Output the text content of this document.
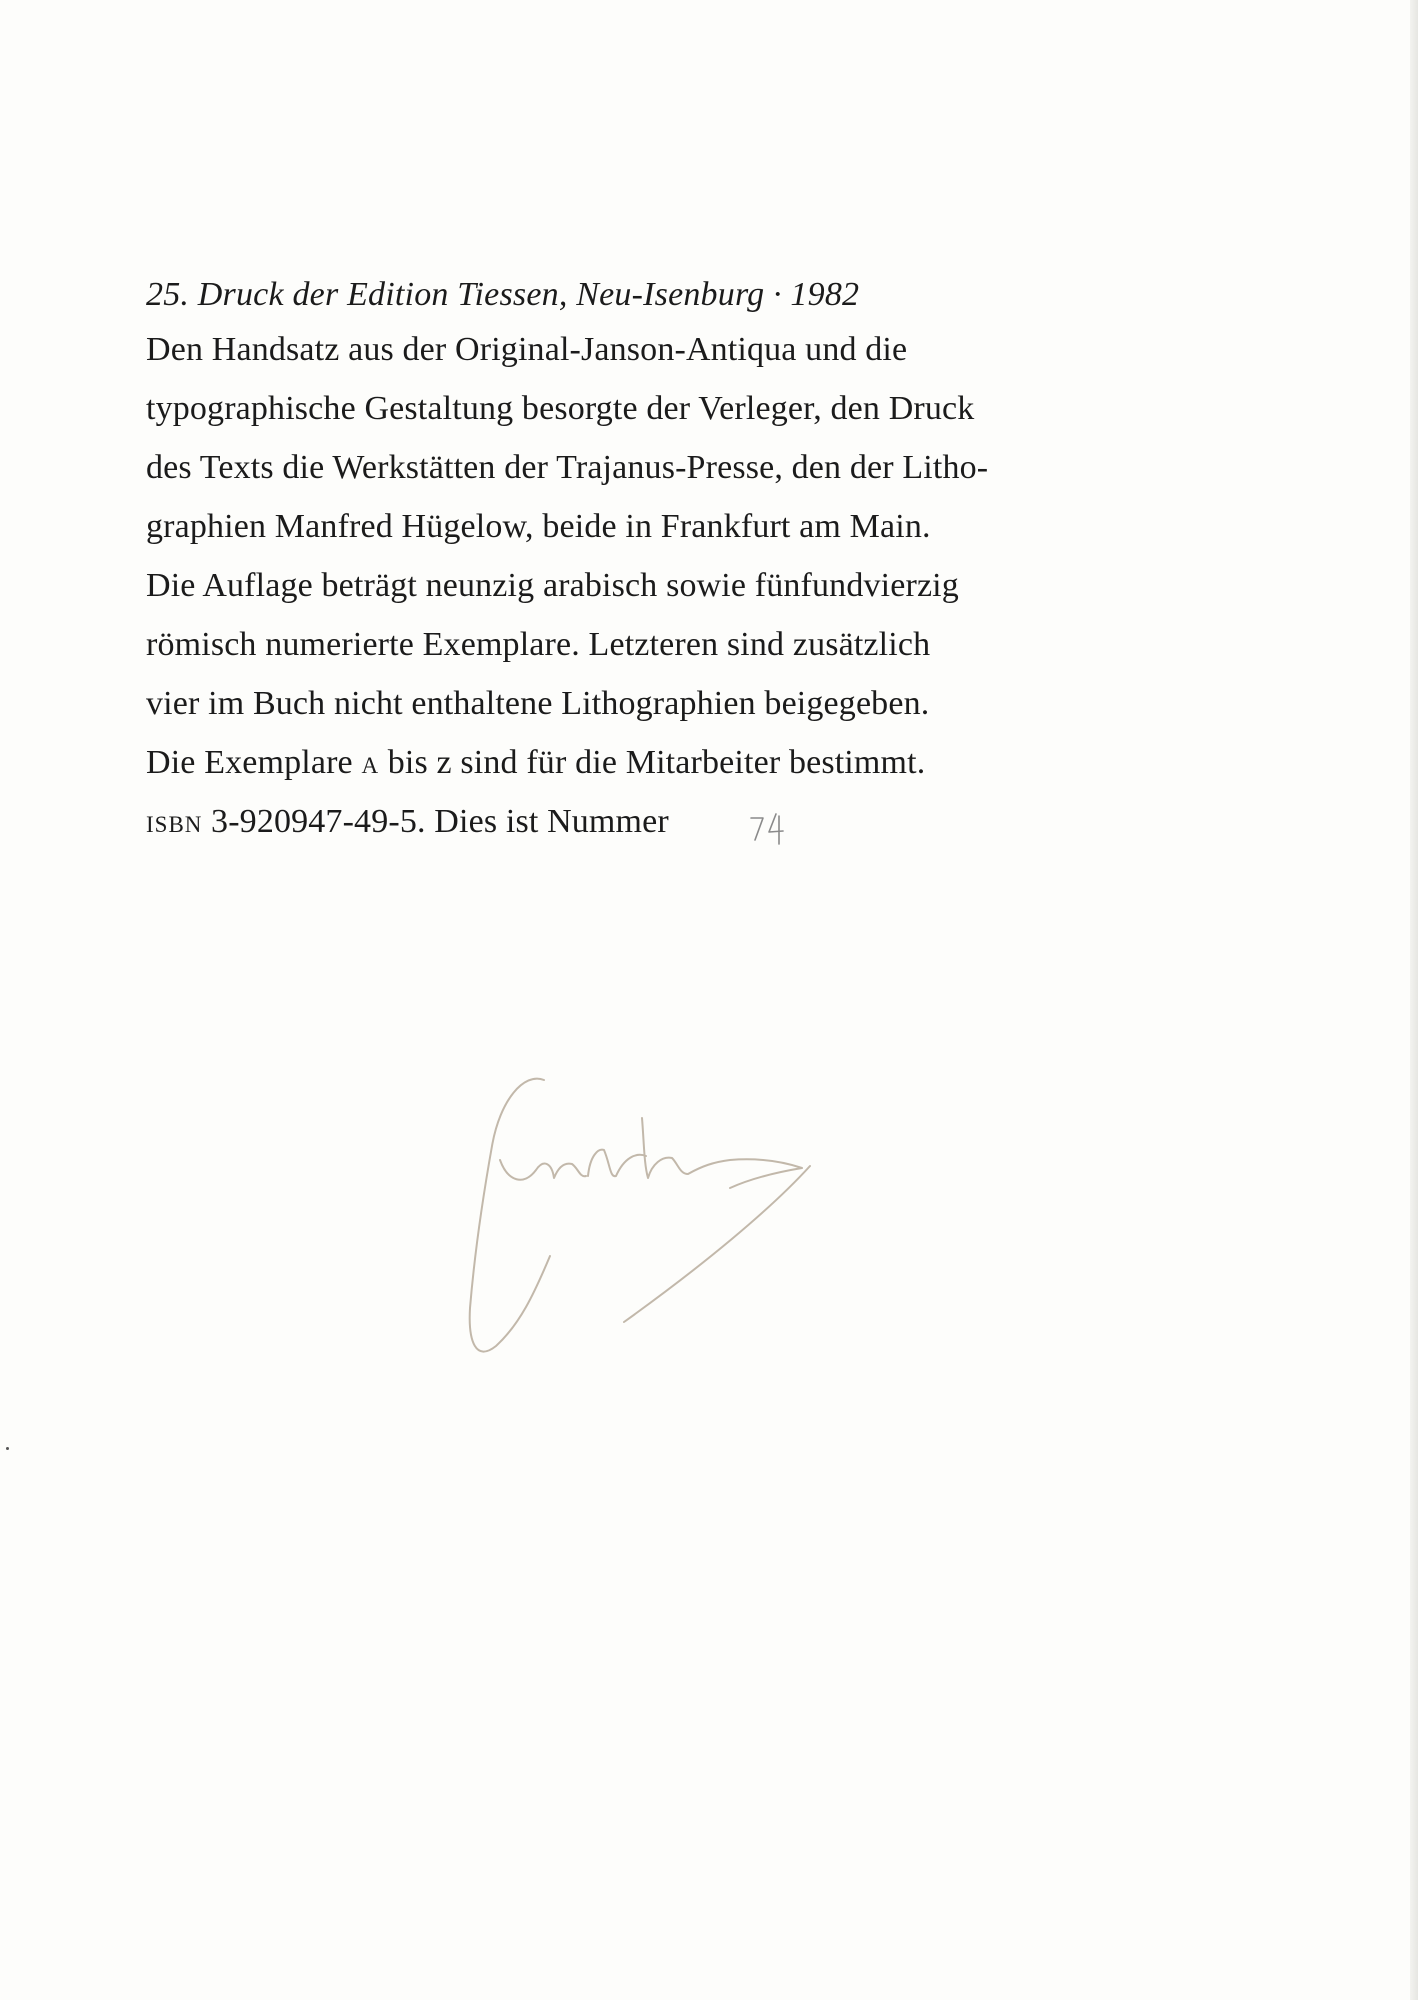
25. Druck der Edition Tiessen, Neu-Isenburg · 1982
Den Handsatz aus der Original-Janson-Antiqua und die
typographische Gestaltung besorgte der Verleger, den Druck
des Texts die Werkstätten der Trajanus-Presse, den der Litho-
graphien Manfred Hügelow, beide in Frankfurt am Main.
Die Auflage beträgt neunzig arabisch sowie fünfundvierzig
römisch numerierte Exemplare. Letzteren sind zusätzlich
vier im Buch nicht enthaltene Lithographien beigegeben.
Die Exemplare A bis z sind für die Mitarbeiter bestimmt.
ISBN 3-920947-49-5. Dies ist Nummer
